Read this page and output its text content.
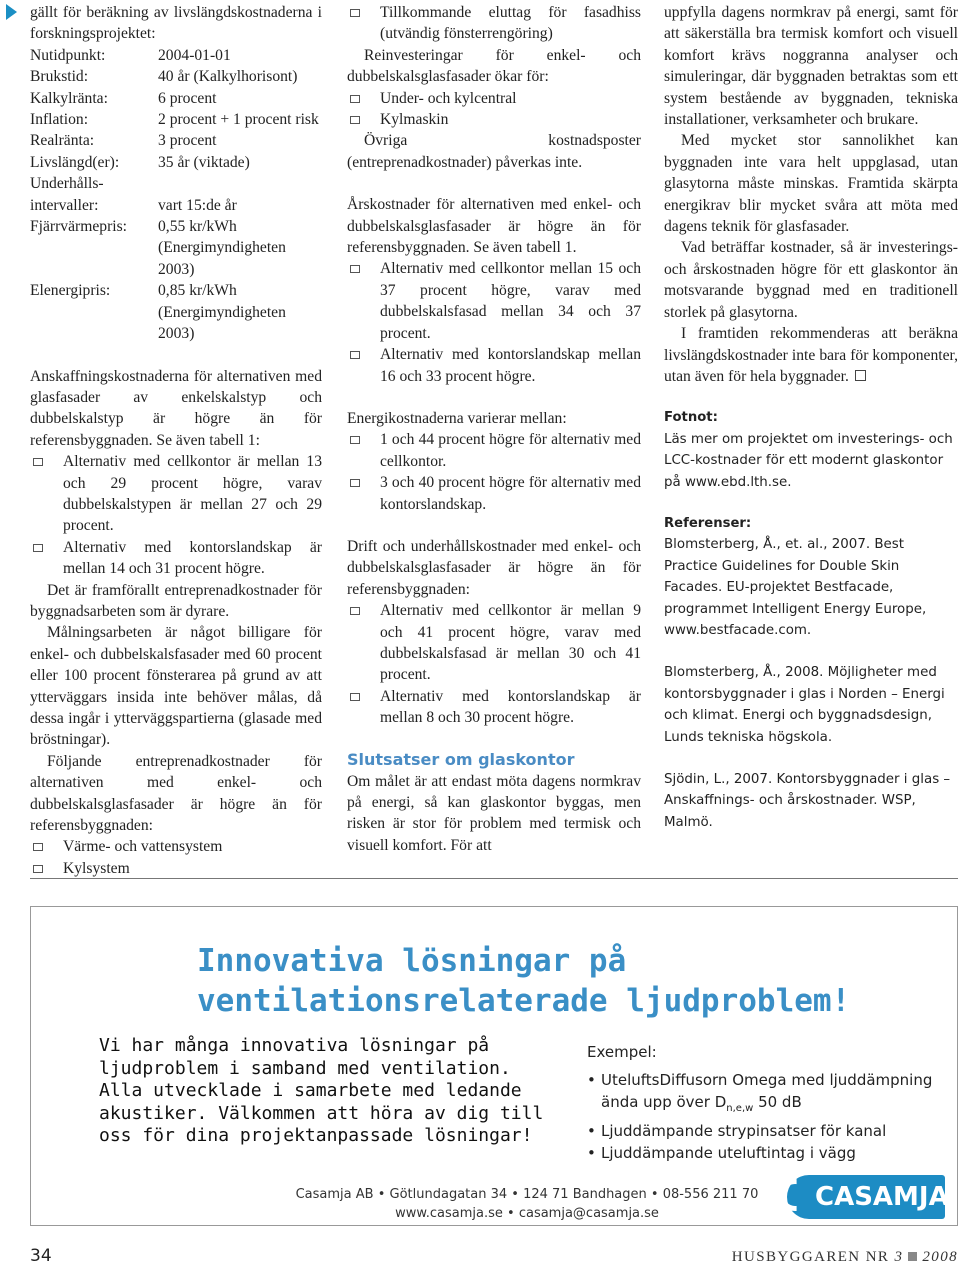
gällt för beräkning av livslängdskostnaderna i forskningsprojektet:

Nutidpunkt:	2004-01-01
Brukstid:	40 år (Kalkylhorisont)
Kalkylränta:	6 procent
Inflation:	2 procent + 1 procent risk
Realränta:	3 procent
Livslängd(er):	35 år (viktade)
Underhålls-intervaller:	vart 15:de år
Fjärrvärmepris:	0,55 kr/kWh (Energimyndigheten 2003)
Elenergipris:	0,85 kr/kWh (Energimyndigheten 2003)

Anskaffningskostnaderna för alternativen med glasfasader av enkelskalstyp och dubbelskalstyp är högre än för referensbyggnaden. Se även tabell 1:

Alternativ med cellkontor är mellan 13 och 29 procent högre, varav dubbelskalstypen är mellan 27 och 29 procent.
Alternativ med kontorslandskap är mellan 14 och 31 procent högre.

Det är framförallt entreprenadkostnader för byggnadsarbeten som är dyrare.

Målningsarbeten är något billigare för enkel- och dubbelskalsfasader med 60 procent eller 100 procent fönsterarea på grund av att ytterväggars insida inte behöver målas, då dessa ingår i ytterväggspartierna (glasade med bröstningar).

Följande entreprenadkostnader för alternativen med enkel- och dubbelskalsglasfasader är högre än för referensbyggnaden:

Värme- och vattensystem
Kylsystem
Tillkommande eluttag för fasadhiss (utvändig fönsterrengöring)

Reinvesteringar för enkel- och dubbelskalsglasfasader ökar för:

Under- och kylcentral
Kylmaskin

Övriga kostnadsposter (entreprenadkostnader) påverkas inte.

Årskostnader för alternativen med enkel- och dubbelskalsglasfasader är högre än för referensbyggnaden. Se även tabell 1.

Alternativ med cellkontor mellan 15 och 37 procent högre, varav med dubbelskalsfasad mellan 34 och 37 procent.
Alternativ med kontorslandskap mellan 16 och 33 procent högre.

Energikostnaderna varierar mellan:

1 och 44 procent högre för alternativ med cellkontor.
3 och 40 procent högre för alternativ med kontorslandskap.

Drift och underhållskostnader med enkel- och dubbelskalsglasfasader är högre än för referensbyggnaden:

Alternativ med cellkontor är mellan 9 och 41 procent högre, varav med dubbelskalsfasad är mellan 30 och 41 procent.
Alternativ med kontorslandskap är mellan 8 och 30 procent högre.
Slutsatser om glaskontor

Om målet är att endast möta dagens normkrav på energi, så kan glaskontor byggas, men risken är stor för problem med termisk och visuell komfort. För att

uppfylla dagens normkrav på energi, samt för att säkerställa bra termisk komfort och visuell komfort krävs noggranna analyser och simuleringar, där byggnaden betraktas som ett system bestående av byggnaden, tekniska installationer, verksamheter och brukare.

Med mycket stor sannolikhet kan byggnaden inte vara helt uppglasad, utan glasytorna måste minskas. Framtida skärpta energikrav blir mycket svåra att möta med dagens teknik för glasfasader.

Vad beträffar kostnader, så är investerings- och årskostnaden högre för ett glaskontor än motsvarande byggnad med en traditionell storlek på glasytorna.

I framtiden rekommenderas att beräkna livslängdskostnader inte bara för komponenter, utan även för hela byggnader.

Fotnot:
Läs mer om projektet om investerings- och LCC-kostnader för ett modernt glaskontor på www.ebd.lth.se.
Referenser:
Blomsterberg, Å., et. al., 2007. Best Practice Guidelines for Double Skin Facades. EU-projektet Bestfacade, programmet Intelligent Energy Europe, www.bestfacade.com.
Blomsterberg, Å., 2008. Möjligheter med kontorsbyggnader i glas i Norden – Energi och klimat. Energi och byggnadsdesign, Lunds tekniska högskola.
Sjödin, L., 2007. Kontorsbyggnader i glas – Anskaffnings- och årskostnader. WSP, Malmö.
Innovativa lösningar på ventilationsrelaterade ljudproblem!
Vi har många innovativa lösningar på ljudproblem i samband med ventilation. Alla utvecklade i samarbete med ledande akustiker. Välkommen att höra av dig till oss för dina projektanpassade lösningar!
Exempel:
• UteluftsDiffusorn Omega med ljuddämpning ända upp över $D_{n,e,w}$ 50 dB
• Ljuddämpande strypinsatser för kanal
• Ljuddämpande uteluftintag i vägg
Casamja AB • Götlundagatan 34 • 124 71 Bandhagen • 08-556 211 70
www.casamja.se • casamja@casamja.se
CASAMJA
34	HUSBYGGAREN NR 3 2008
